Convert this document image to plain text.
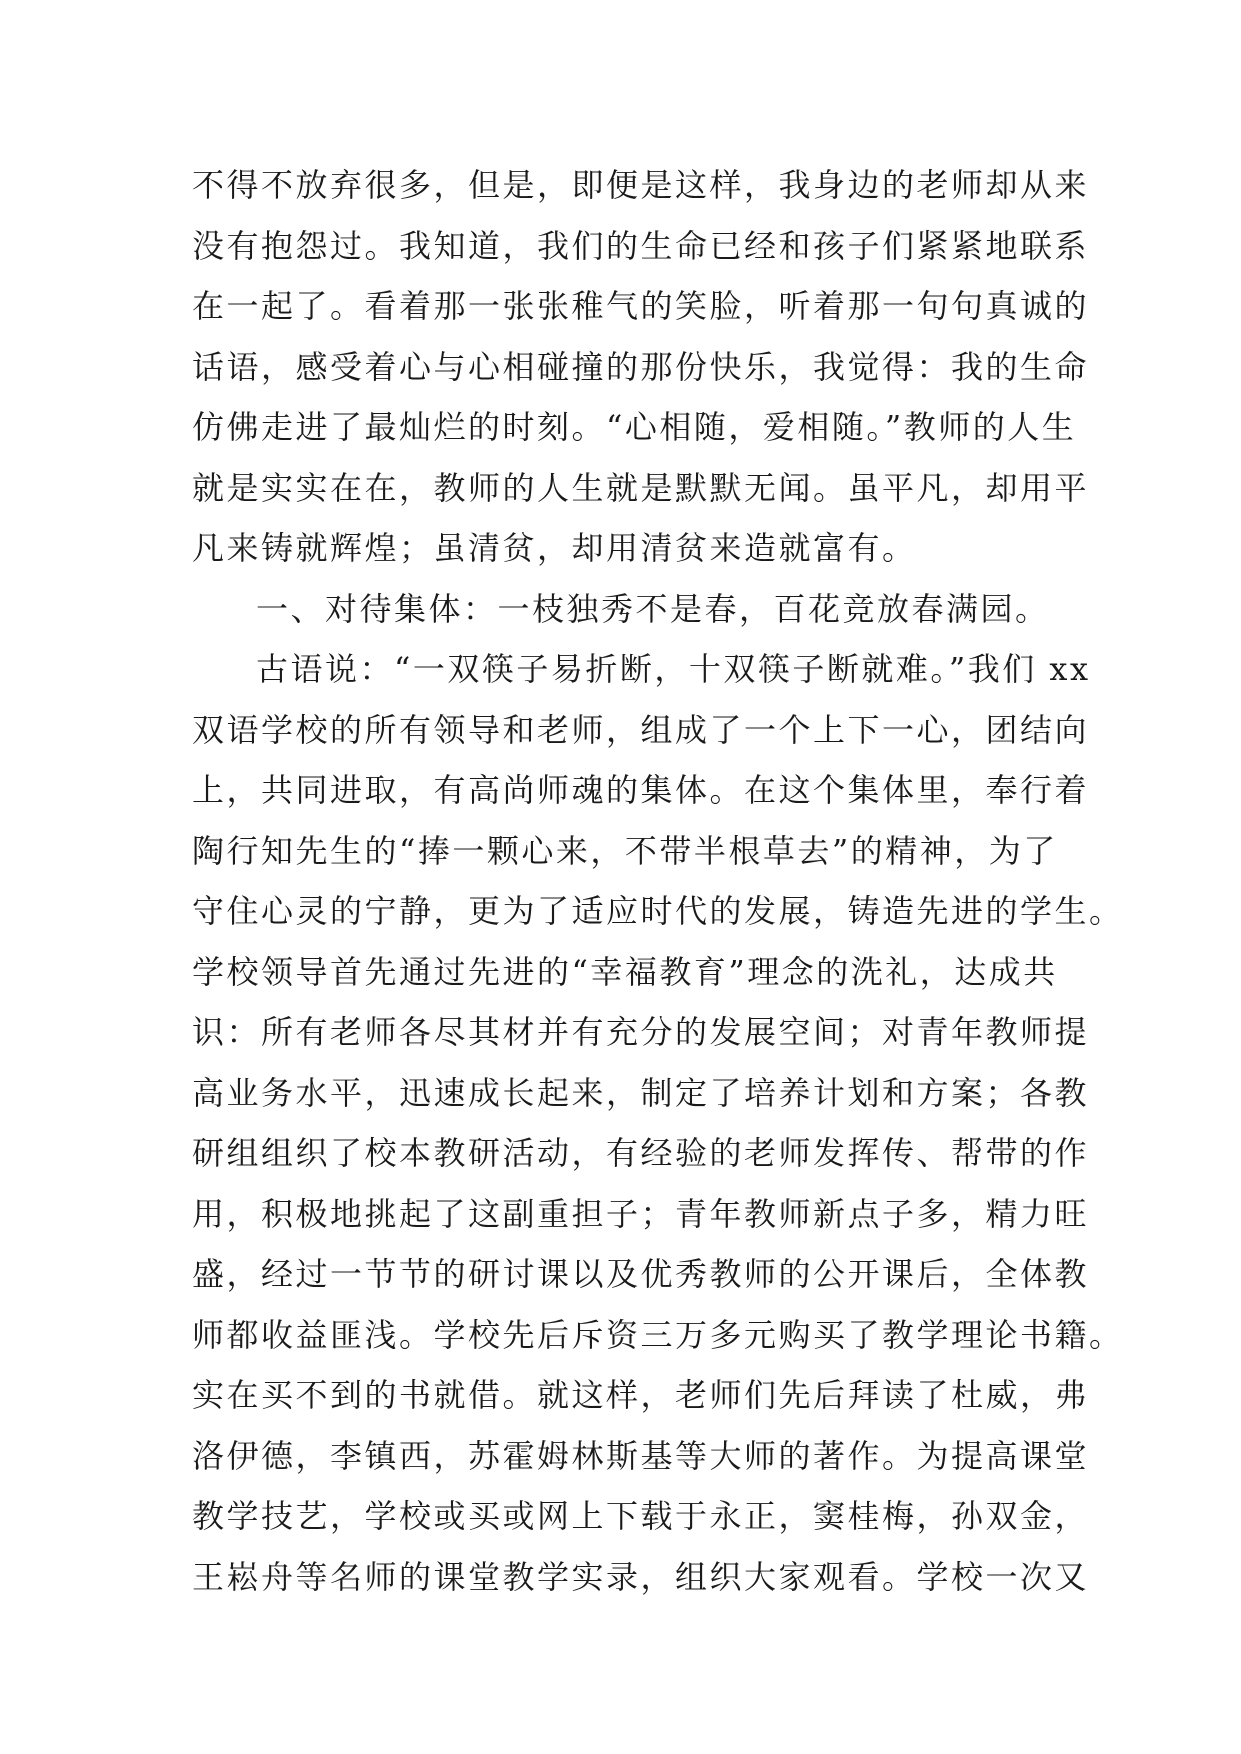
不得不放弃很多，但是，即便是这样，我身边的老师却从来
没有抱怨过。我知道，我们的生命已经和孩子们紧紧地联系
在一起了。看着那一张张稚气的笑脸，听着那一句句真诚的
话语，感受着心与心相碰撞的那份快乐，我觉得：我的生命
仿佛走进了最灿烂的时刻。“心相随，爱相随。”教师的人生
就是实实在在，教师的人生就是默默无闻。虽平凡，却用平
凡来铸就辉煌；虽清贫，却用清贫来造就富有。
一、对待集体：一枝独秀不是春，百花竞放春满园。
古语说：“一双筷子易折断，十双筷子断就难。”我们 xx
双语学校的所有领导和老师，组成了一个上下一心，团结向
上，共同进取，有高尚师魂的集体。在这个集体里，奉行着
陶行知先生的“捧一颗心来，不带半根草去”的精神，为了
守住心灵的宁静，更为了适应时代的发展，铸造先进的学生。
学校领导首先通过先进的“幸福教育”理念的洗礼，达成共
识：所有老师各尽其材并有充分的发展空间；对青年教师提
高业务水平，迅速成长起来，制定了培养计划和方案；各教
研组组织了校本教研活动，有经验的老师发挥传、帮带的作
用，积极地挑起了这副重担子；青年教师新点子多，精力旺
盛，经过一节节的研讨课以及优秀教师的公开课后，全体教
师都收益匪浅。学校先后斥资三万多元购买了教学理论书籍。
实在买不到的书就借。就这样，老师们先后拜读了杜威，弗
洛伊德，李镇西，苏霍姆林斯基等大师的著作。为提高课堂
教学技艺，学校或买或网上下载于永正，窦桂梅，孙双金，
王崧舟等名师的课堂教学实录，组织大家观看。学校一次又
